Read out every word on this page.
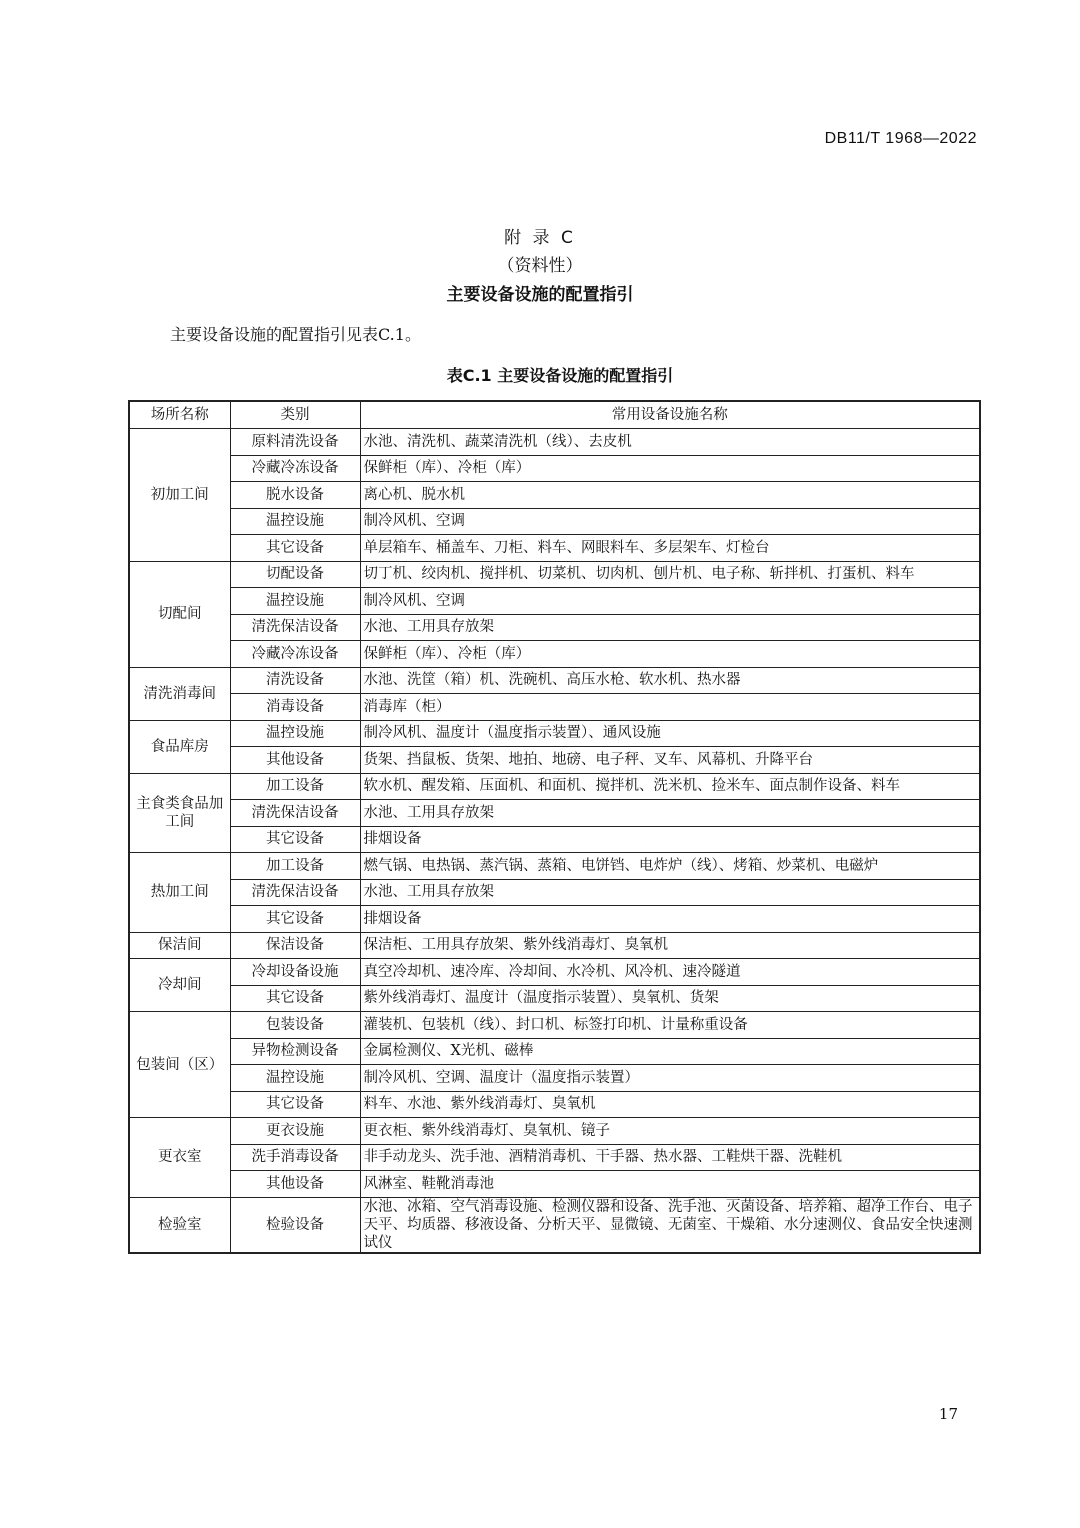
DB11/T 1968—2022
附 录 C
（资料性）
主要设备设施的配置指引
主要设备设施的配置指引见表C.1。
表C.1 主要设备设施的配置指引
场所名称	类别	常用设备设施名称
初加工间	原料清洗设备	水池、清洗机、蔬菜清洗机（线）、去皮机
	冷藏冷冻设备	保鲜柜（库）、冷柜（库）
	脱水设备	离心机、脱水机
	温控设施	制冷风机、空调
	其它设备	单层箱车、桶盖车、刀柜、料车、网眼料车、多层架车、灯检台
切配间	切配设备	切丁机、绞肉机、搅拌机、切菜机、切肉机、刨片机、电子称、斩拌机、打蛋机、料车
	温控设施	制冷风机、空调
	清洗保洁设备	水池、工用具存放架
	冷藏冷冻设备	保鲜柜（库）、冷柜（库）
清洗消毒间	清洗设备	水池、洗筐（箱）机、洗碗机、高压水枪、软水机、热水器
	消毒设备	消毒库（柜）
食品库房	温控设施	制冷风机、温度计（温度指示装置）、通风设施
	其他设备	货架、挡鼠板、货架、地拍、地磅、电子秤、叉车、风幕机、升降平台
主食类食品加工间	加工设备	软水机、醒发箱、压面机、和面机、搅拌机、洗米机、捡米车、面点制作设备、料车
	清洗保洁设备	水池、工用具存放架
	其它设备	排烟设备
热加工间	加工设备	燃气锅、电热锅、蒸汽锅、蒸箱、电饼铛、电炸炉（线）、烤箱、炒菜机、电磁炉
	清洗保洁设备	水池、工用具存放架
	其它设备	排烟设备
保洁间	保洁设备	保洁柜、工用具存放架、紫外线消毒灯、臭氧机
冷却间	冷却设备设施	真空冷却机、速冷库、冷却间、水冷机、风冷机、速冷隧道
	其它设备	紫外线消毒灯、温度计（温度指示装置）、臭氧机、货架
包装间（区）	包装设备	灌装机、包装机（线）、封口机、标签打印机、计量称重设备
	异物检测设备	金属检测仪、X光机、磁棒
	温控设施	制冷风机、空调、温度计（温度指示装置）
	其它设备	料车、水池、紫外线消毒灯、臭氧机
更衣室	更衣设施	更衣柜、紫外线消毒灯、臭氧机、镜子
	洗手消毒设备	非手动龙头、洗手池、酒精消毒机、干手器、热水器、工鞋烘干器、洗鞋机
	其他设备	风淋室、鞋靴消毒池
检验室	检验设备	水池、冰箱、空气消毒设施、检测仪器和设备、洗手池、灭菌设备、培养箱、超净工作台、电子天平、均质器、移液设备、分析天平、显微镜、无菌室、干燥箱、水分速测仪、食品安全快速测试仪
17
